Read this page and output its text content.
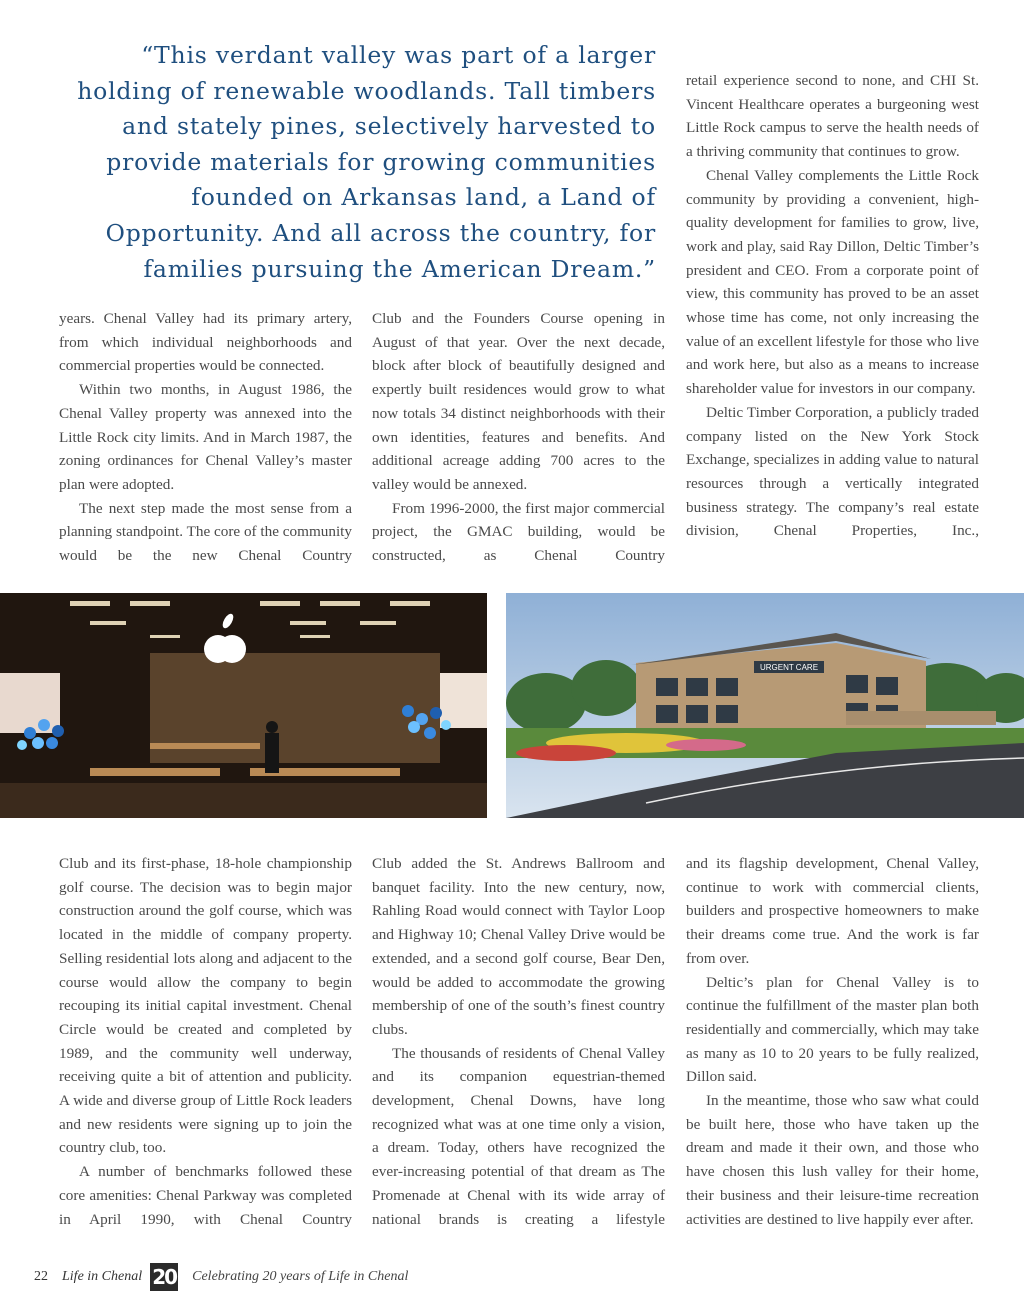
“This verdant valley was part of a larger holding of renewable woodlands. Tall timbers and stately pines, selectively harvested to provide materials for growing communities founded on Arkansas land, a Land of Opportunity. And all across the country, for families pursuing the American Dream.”

years. Chenal Valley had its primary artery, from which individual neighborhoods and commercial properties would be connected.

Within two months, in August 1986, the Chenal Valley property was annexed into the Little Rock city limits. And in March 1987, the zoning ordinances for Chenal Valley’s master plan were adopted.

The next step made the most sense from a planning standpoint. The core of the community would be the new Chenal Country

Club and the Founders Course opening in August of that year. Over the next decade, block after block of beautifully designed and expertly built residences would grow to what now totals 34 distinct neighborhoods with their own identities, features and benefits. And additional acreage adding 700 acres to the valley would be annexed.

From 1996-2000, the first major commercial project, the GMAC building, would be constructed, as Chenal Country

retail experience second to none, and CHI St. Vincent Healthcare operates a burgeoning west Little Rock campus to serve the health needs of a thriving community that continues to grow.

Chenal Valley complements the Little Rock community by providing a convenient, high-quality development for families to grow, live, work and play, said Ray Dillon, Deltic Timber’s president and CEO. From a corporate point of view, this community has proved to be an asset whose time has come, not only increasing the value of an excellent lifestyle for those who live and work here, but also as a means to increase shareholder value for investors in our company.

Deltic Timber Corporation, a publicly traded company listed on the New York Stock Exchange, specializes in adding value to natural resources through a vertically integrated business strategy. The company’s real estate division, Chenal Properties, Inc.,

URGENT CARE

Club and its first-phase, 18-hole championship golf course. The decision was to begin major construction around the golf course, which was located in the middle of company property. Selling residential lots along and adjacent to the course would allow the company to begin recouping its initial capital investment. Chenal Circle would be created and completed by 1989, and the community well underway, receiving quite a bit of attention and publicity. A wide and diverse group of Little Rock leaders and new residents were signing up to join the country club, too.

A number of benchmarks followed these core amenities: Chenal Parkway was completed in April 1990, with Chenal Country

Club added the St. Andrews Ballroom and banquet facility. Into the new century, now, Rahling Road would connect with Taylor Loop and Highway 10; Chenal Valley Drive would be extended, and a second golf course, Bear Den, would be added to accommodate the growing membership of one of the south’s finest country clubs.

The thousands of residents of Chenal Valley and its companion equestrian-themed development, Chenal Downs, have long recognized what was at one time only a vision, a dream. Today, others have recognized the ever-increasing potential of that dream as The Promenade at Chenal with its wide array of national brands is creating a lifestyle

and its flagship development, Chenal Valley, continue to work with commercial clients, builders and prospective homeowners to make their dreams come true. And the work is far from over.

Deltic’s plan for Chenal Valley is to continue the fulfillment of the master plan both residentially and commercially, which may take as many as 10 to 20 years to be fully realized, Dillon said.

In the meantime, those who saw what could be built here, those who have taken up the dream and made it their own, and those who have chosen this lush valley for their home, their business and their leisure-time recreation activities are destined to live happily ever after.

22 Life in Chenal 20 Celebrating 20 years of Life in Chenal
